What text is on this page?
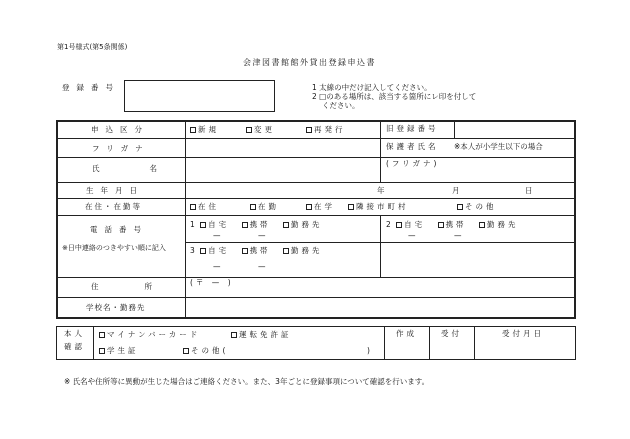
第1号様式(第5条関係)
会津図書館館外貸出登録申込書
登録番号	1 太線の中だけ記入してください。
2 □のある場所は、該当する箇所にレ印を付して
ください。
申込区分	新規	変更	再発行	旧登録番号
フリガナ	保護者氏名 ※本人が小学生以下の場合
氏名
(フリガナ)
生年月日	年	月	日
在住・在勤等	在住	在勤	在学	隣接市町村	その他
電話番号
※日中連絡のつきやすい順に記入
1 自宅	携帯	勤務先
—	—
2 自宅	携帯	勤務先
—	—
3 自宅	携帯	勤務先
—	—
住所
(〒 — )
学校名・勤務先
本人
確認
マイナンバーカード	運転免許証
学生証	その他(	)
作成	受付	受付月日
※ 氏名や住所等に異動が生じた場合はご連絡ください。また、3年ごとに登録事項について確認を行います。
